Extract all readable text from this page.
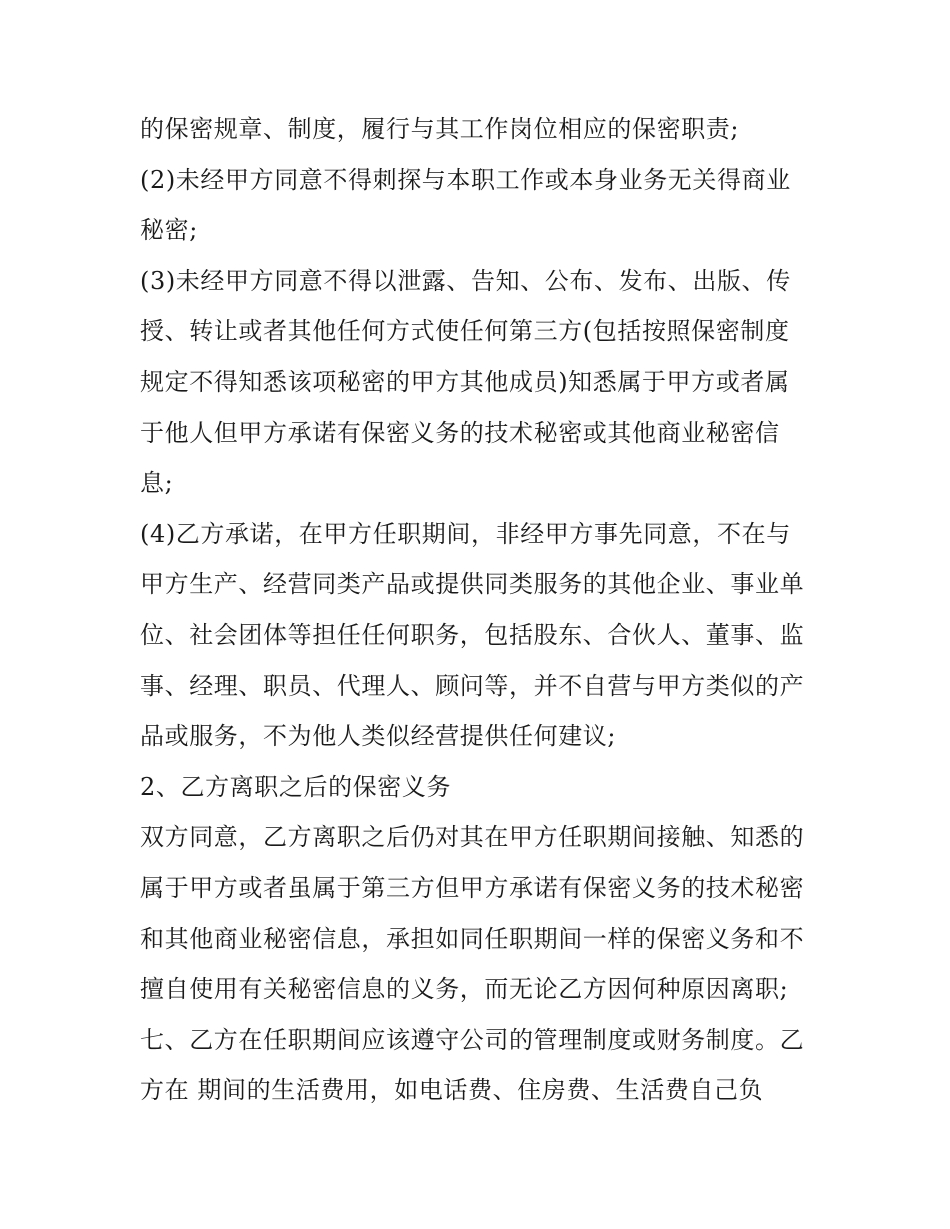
的保密规章、制度，履行与其工作岗位相应的保密职责;
(2)未经甲方同意不得刺探与本职工作或本身业务无关得商业
秘密;
(3)未经甲方同意不得以泄露、告知、公布、发布、出版、传
授、转让或者其他任何方式使任何第三方(包括按照保密制度
规定不得知悉该项秘密的甲方其他成员)知悉属于甲方或者属
于他人但甲方承诺有保密义务的技术秘密或其他商业秘密信
息;
(4)乙方承诺，在甲方任职期间，非经甲方事先同意，不在与
甲方生产、经营同类产品或提供同类服务的其他企业、事业单
位、社会团体等担任任何职务，包括股东、合伙人、董事、监
事、经理、职员、代理人、顾问等，并不自营与甲方类似的产
品或服务，不为他人类似经营提供任何建议;
2、乙方离职之后的保密义务
双方同意，乙方离职之后仍对其在甲方任职期间接触、知悉的
属于甲方或者虽属于第三方但甲方承诺有保密义务的技术秘密
和其他商业秘密信息，承担如同任职期间一样的保密义务和不
擅自使用有关秘密信息的义务，而无论乙方因何种原因离职;
七、乙方在任职期间应该遵守公司的管理制度或财务制度。乙
方在 期间的生活费用，如电话费、住房费、生活费自己负
